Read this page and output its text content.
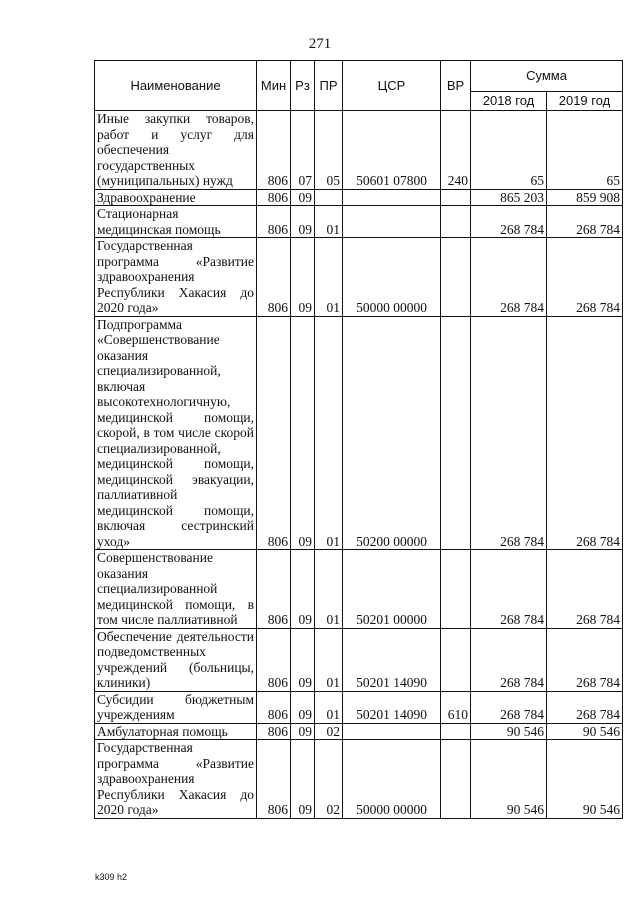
271
Наименование	Мин	Рз	ПР	ЦСР	ВР	Сумма	
						2018 год	2019 год
Иные закупки товаров, работ и услуг для обеспечения государственных (муниципальных) нужд	806	07	05	50601 07800	240	65	65
Здравоохранение	806	09				865 203	859 908
Стационарная медицинская помощь	806	09	01			268 784	268 784
Государственная программа «Развитие здравоохранения Республики Хакасия до 2020 года»	806	09	01	50000 00000		268 784	268 784
Подпрограмма «Совершенствование оказания специализированной, включая высокотехнологичную, медицинской помощи, скорой, в том числе скорой специализированной, медицинской помощи, медицинской эвакуации, паллиативной медицинской помощи, включая сестринский уход»	806	09	01	50200 00000		268 784	268 784
Совершенствование оказания специализированной медицинской помощи, в том числе паллиативной	806	09	01	50201 00000		268 784	268 784
Обеспечение деятельности подведомственных учреждений (больницы, клиники)	806	09	01	50201 14090		268 784	268 784
Субсидии бюджетным учреждениям	806	09	01	50201 14090	610	268 784	268 784
Амбулаторная помощь	806	09	02			90 546	90 546
Государственная программа «Развитие здравоохранения Республики Хакасия до 2020 года»	806	09	02	50000 00000		90 546	90 546
k309 h2
